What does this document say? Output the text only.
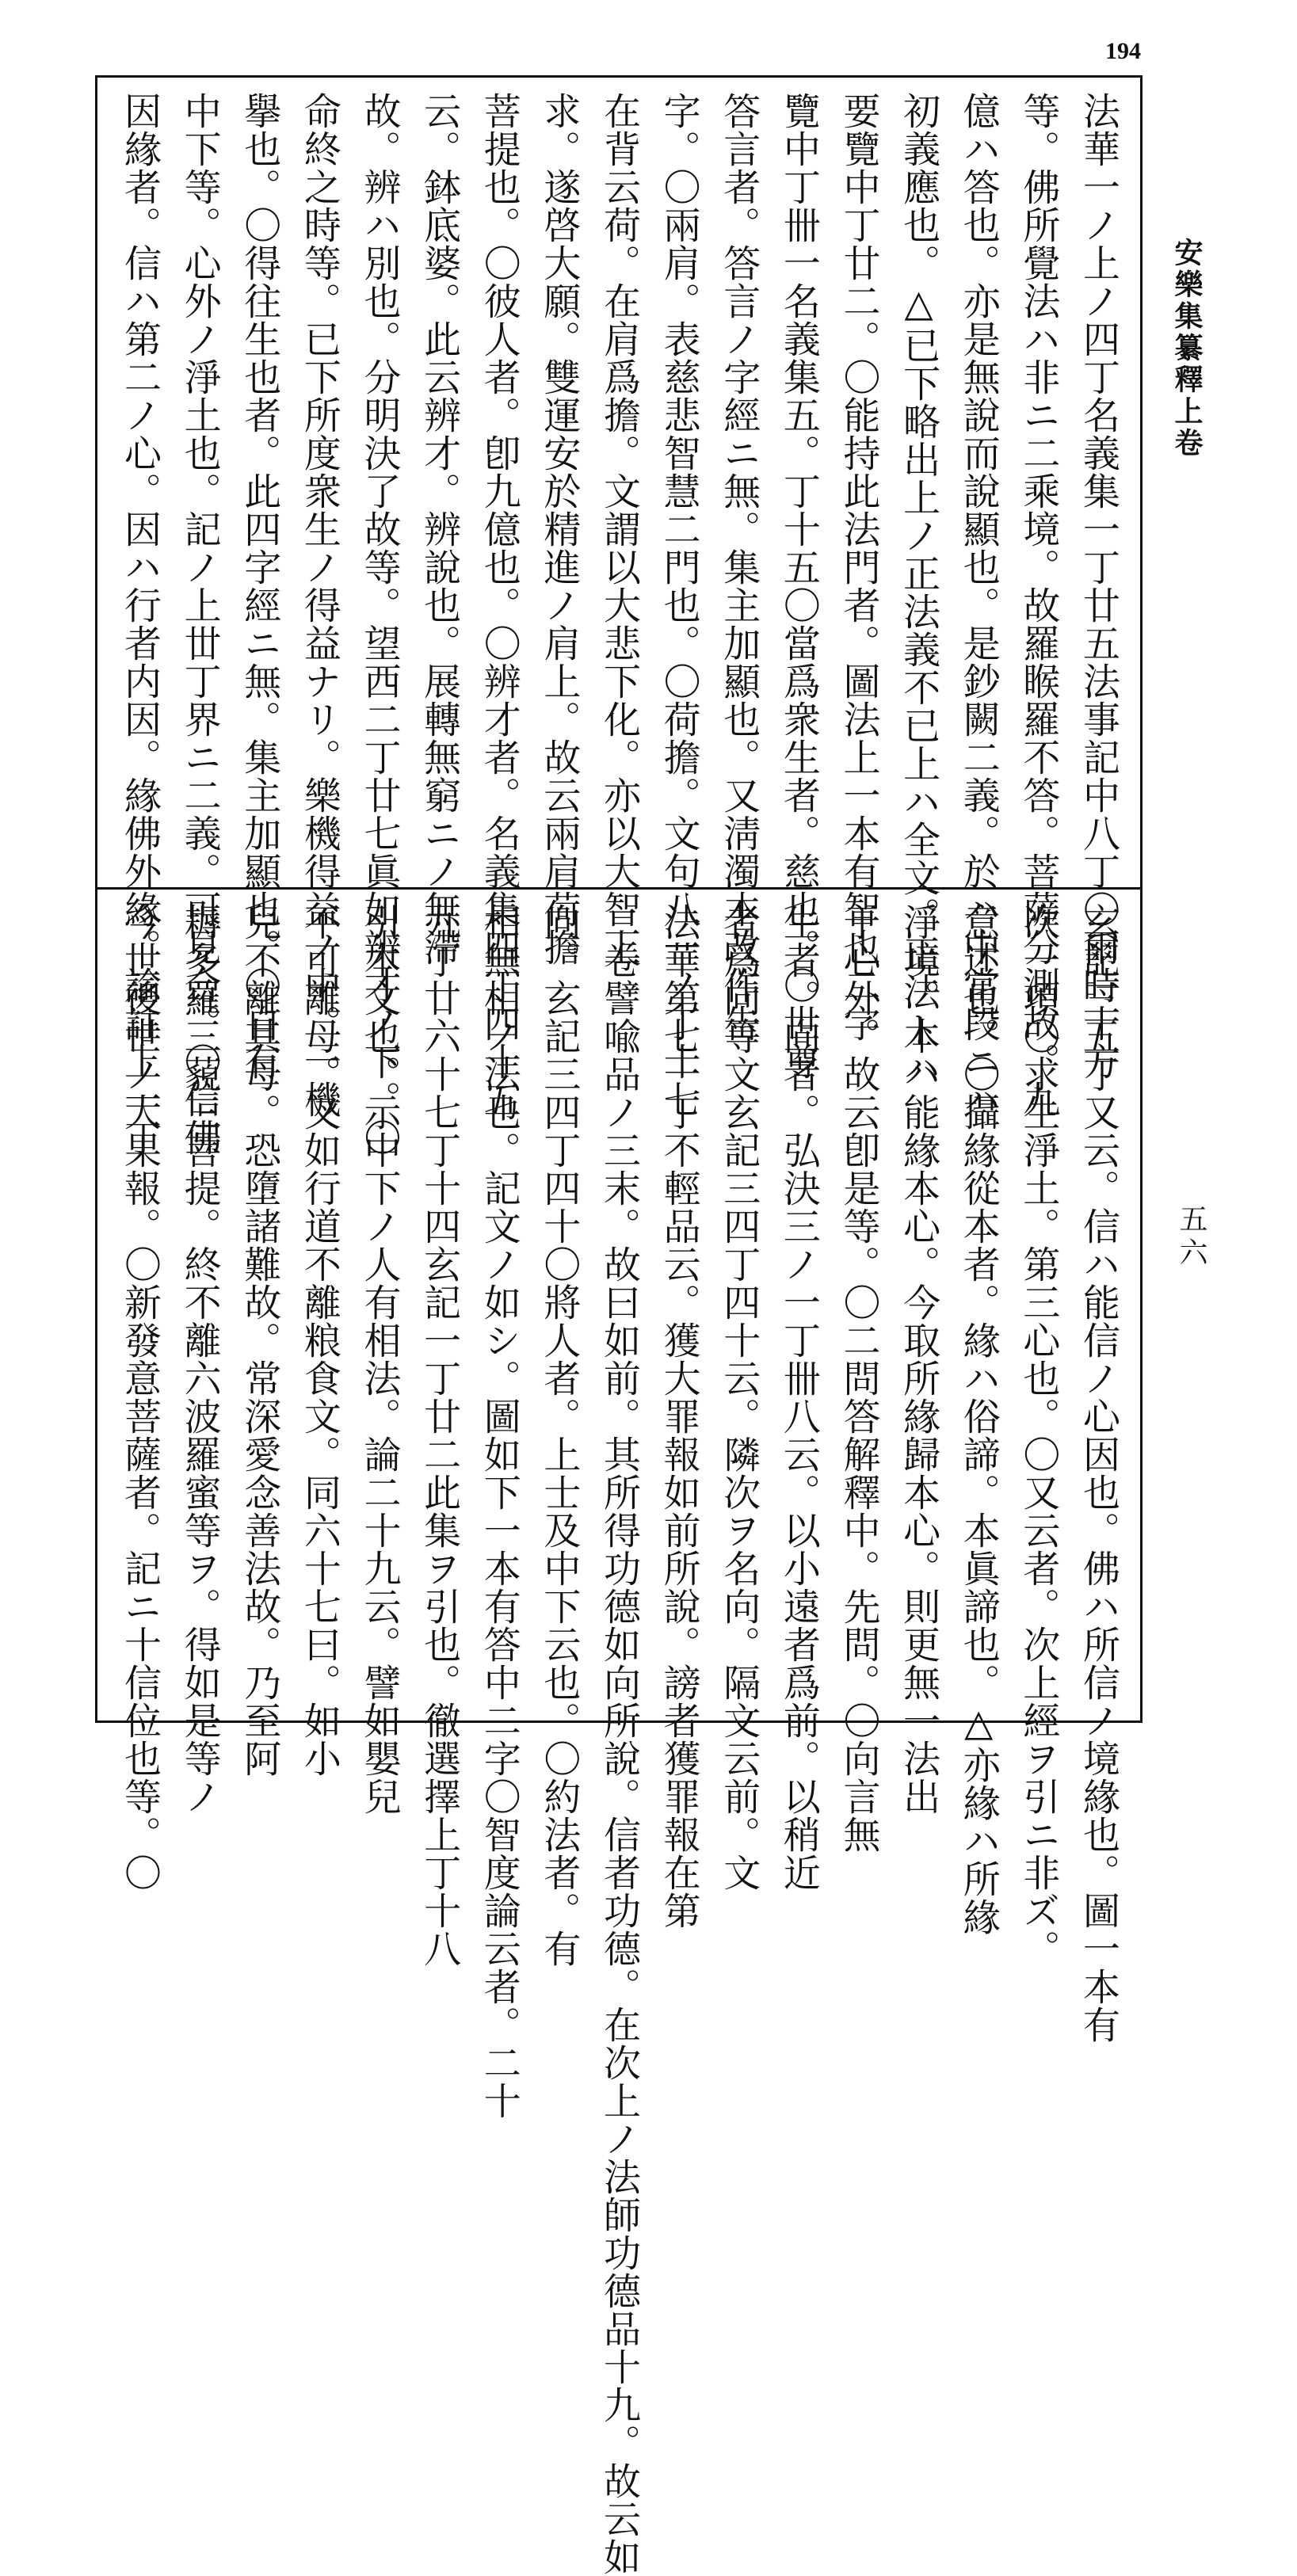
194
安樂集纂釋上卷
五六
法華一ノ上ノ四丁名義集一丁廿五法事記中八丁〇爾時十方
等。佛所覺法ハ非ニ二乘境。故羅睺羅不答。菩薩分測故。九
億ハ答也。亦是無說而說顯也。是鈔闕二義。於ハ中當段ニハ
初義應也。△已下略出上ノ正法義不已上ハ全文。正法トハ
要覽中丁廿二。〇能持此法門者。圖法上一本有智也二字
覽中丁卌一名義集五。丁十五〇當爲衆生者。慈也。〇世尊
答言者。答言ノ字經ニ無。集主加顯也。又淸濁本改作告
字。〇兩肩。表慈悲智慧二門也。〇荷擔。文句八一ノ丁十七
在背云荷。在肩爲擔。文謂以大悲下化。亦以大智上
求。遂啓大願。雙運安於精進ノ肩上。故云兩肩荷擔
菩提也。〇彼人者。卽九億也。〇辨才者。名義集四丁四十五
云。鉢底婆。此云辨才。辨說也。展轉無窮ニノ無滯
故。辨ハ別也。分明決了故等。望西二丁廿七眞如辨才ノ下。〇
命終之時等。已下所度衆生ノ得益ナリ。樂機得益ノ中。一機
擧也。〇得往生也者。此四字經ニ無。集主加顯也。〇自有
中下等。心外ノ淨土也。記ノ上丗丁界ニ二義。可見合。〇信佛
因緣者。信ハ第二ノ心。因ハ行者内因。緣佛外緣。論註上一丁
玄記三五丁又云。信ハ能信ノ心因也。佛ハ所信ノ境緣也。圖一本有
次一項〇求生淨土。第三心也。〇又云者。次上經ヲ引ニ非ズ。
意述也。〇攝緣從本者。緣ハ俗諦。本眞諦也。△亦緣ハ所緣
淨境。本ハ能緣本心。今取所緣歸本心。則更無一法出
于心外。故云卽是等。〇二問答解釋中。先問。〇向言無
生者。向者。弘決三ノ一丁卌八云。以小遠者爲前。以稍近
者爲向等文玄記三四丁四十云。隣次ヲ名向。隔文云前。文
法華第七一丁不輕品云。獲大罪報如前所說。謗者獲罪報在第
二卷譬喩品ノ三末。故曰如前。其所得功德如向所說。信者功德。在次上ノ法師功德品十九。故云如
向。玄記三四丁四十〇將人者。上士及中下云也。〇約法者。有
相無相ノ法也。記文ノ如シ。圖如下一本有答中二字〇智度論云者。二十
九丁廿六十七丁十四玄記一丁廿二此集ヲ引也。徹選擇上丁十八
引本文也。示中下ノ人有相法。論二十九云。譬如嬰兒
不可離母。又如行道不離粮食文。同六十七曰。如小
兒不離其母。恐墮諸難故。常深愛念善法故。乃至阿
耨多羅三藐三菩提。終不離六波羅蜜等ヲ。得如是等ノ
今世後世ノ大果報。〇新發意菩薩者。記ニ十信位也等。〇
